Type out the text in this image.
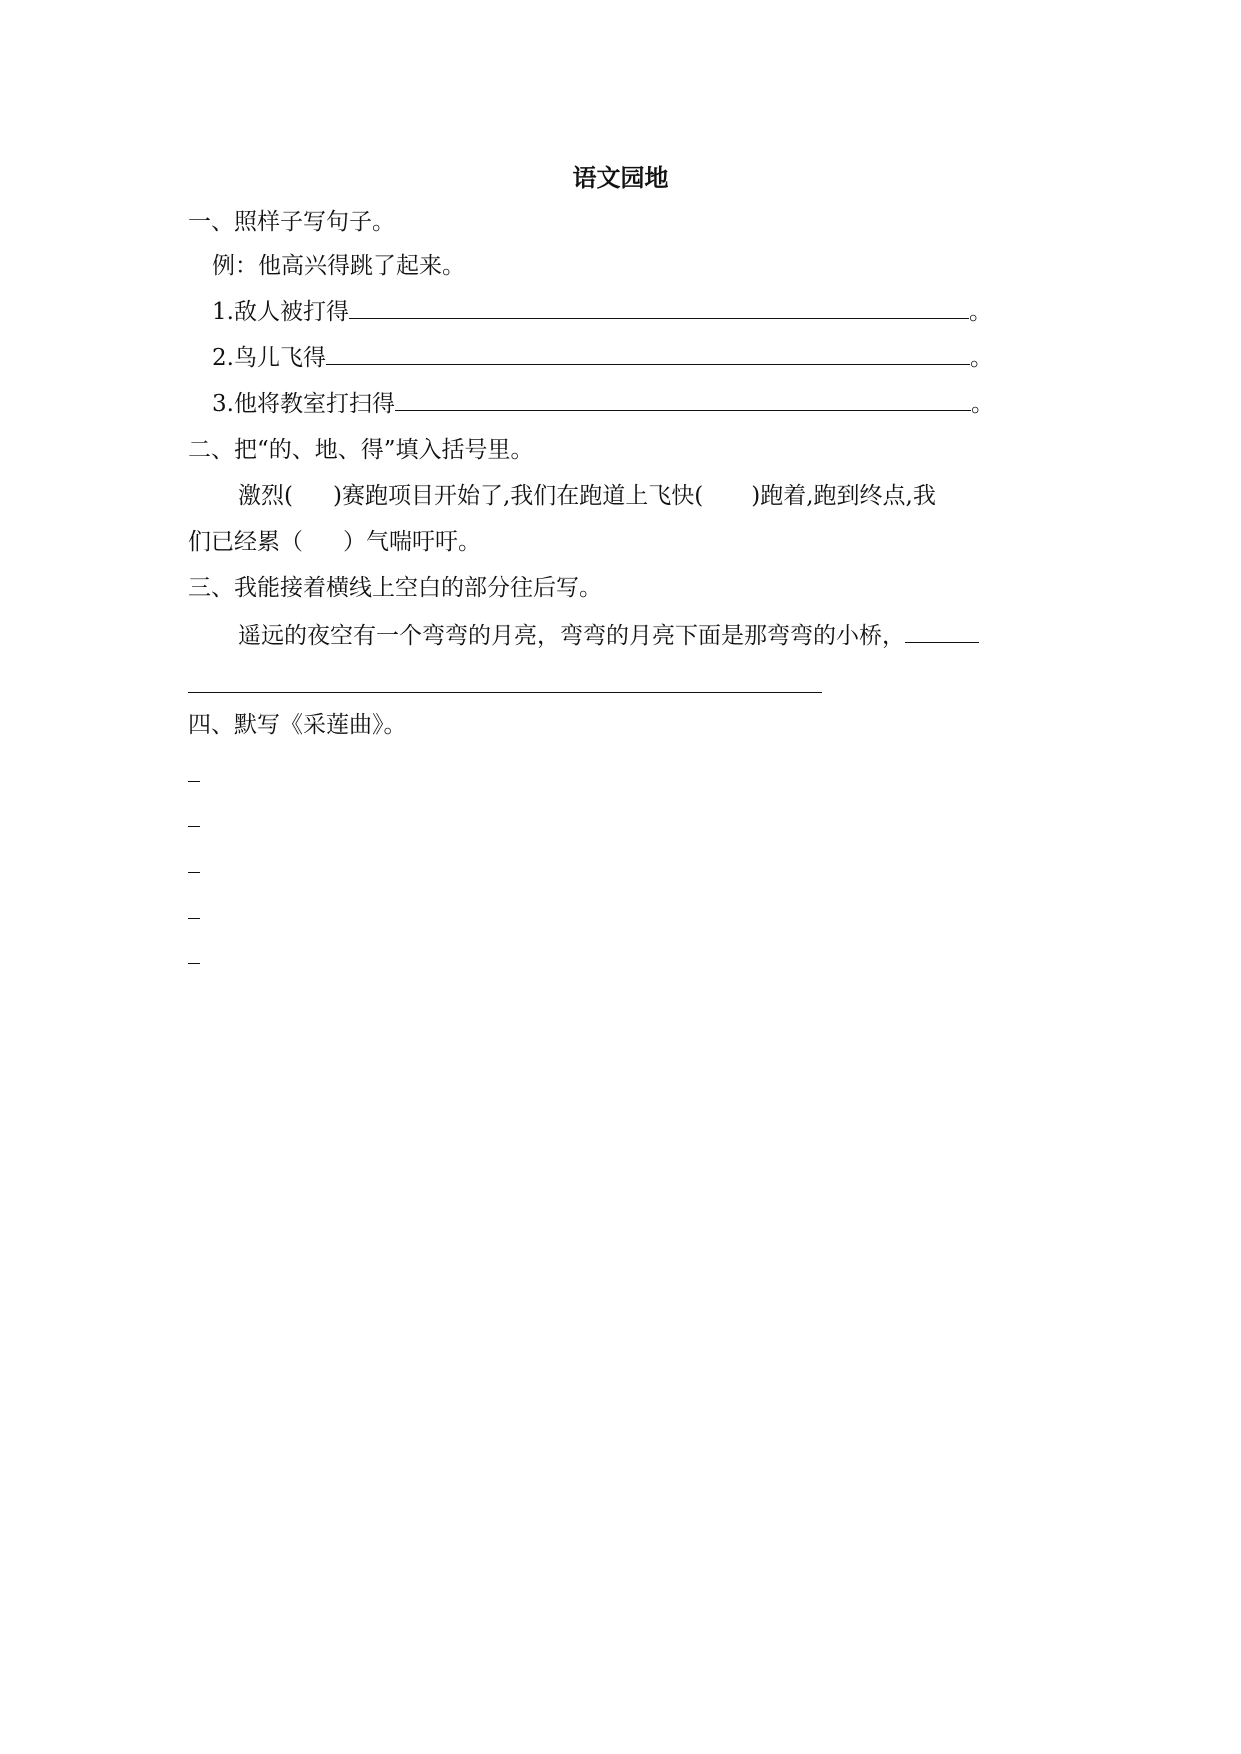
语文园地
一、照样子写句子。
例：他高兴得跳了起来。
1.敌人被打得	。
2.鸟儿飞得	。
3.他将教室打扫得	。
二、把“的、地、得”填入括号里。
激烈( )赛跑项目开始了,我们在跑道上飞快( )跑着,跑到终点,我
们已经累（ ）气喘吁吁。
三、我能接着横线上空白的部分往后写。
遥远的夜空有一个弯弯的月亮，弯弯的月亮下面是那弯弯的小桥，
四、默写《采莲曲》。
